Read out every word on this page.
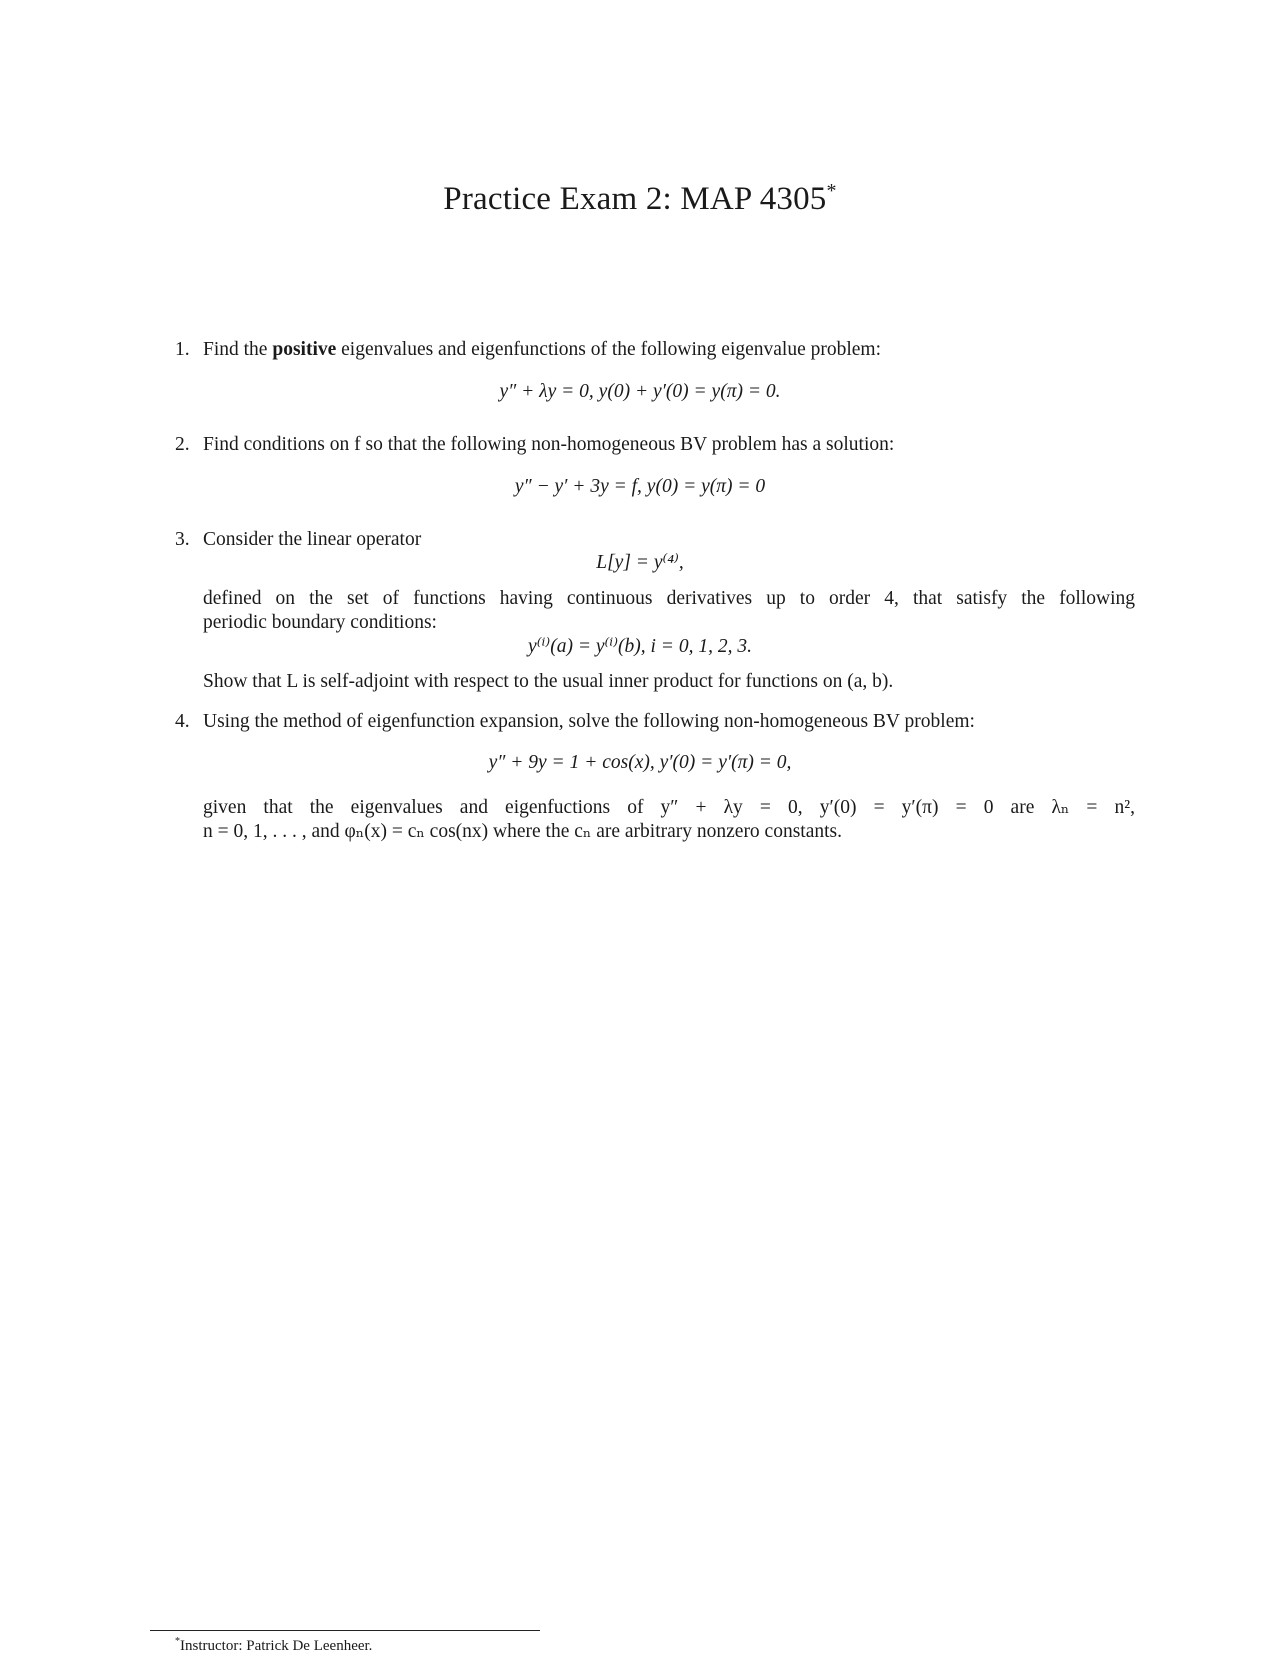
Practice Exam 2: MAP 4305*
1. Find the positive eigenvalues and eigenfunctions of the following eigenvalue problem:
y″ + λy = 0, y(0) + y′(0) = y(π) = 0.
2. Find conditions on f so that the following non-homogeneous BV problem has a solution:
y″ − y′ + 3y = f, y(0) = y(π) = 0
3. Consider the linear operator
L[y] = y⁽⁴⁾,
defined on the set of functions having continuous derivatives up to order 4, that satisfy the following
periodic boundary conditions:
y⁽ⁱ⁾(a) = y⁽ⁱ⁾(b), i = 0, 1, 2, 3.
Show that L is self-adjoint with respect to the usual inner product for functions on (a, b).
4. Using the method of eigenfunction expansion, solve the following non-homogeneous BV problem:
y″ + 9y = 1 + cos(x), y′(0) = y′(π) = 0,
given that the eigenvalues and eigenfuctions of y″ + λy = 0, y′(0) = y′(π) = 0 are λₙ = n²,
n = 0, 1, . . . , and φₙ(x) = cₙ cos(nx) where the cₙ are arbitrary nonzero constants.
*Instructor: Patrick De Leenheer.
